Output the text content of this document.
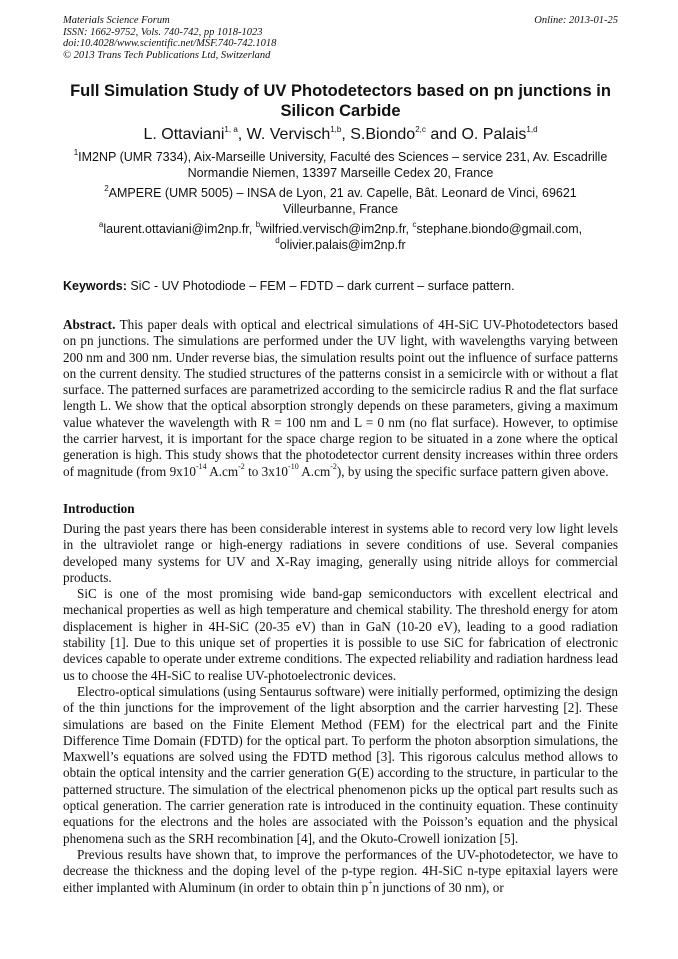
Materials Science Forum
ISSN: 1662-9752, Vols. 740-742, pp 1018-1023
doi:10.4028/www.scientific.net/MSF.740-742.1018
© 2013 Trans Tech Publications Ltd, Switzerland
Online: 2013-01-25
Full Simulation Study of UV Photodetectors based on pn junctions in
Silicon Carbide
L. Ottaviani$^{1, a}$, W. Vervisch$^{1,b}$, S.Biondo$^{2,c}$ and O. Palais$^{1,d}$
$^1$IM2NP (UMR 7334), Aix-Marseille University, Faculté des Sciences – service 231, Av. Escadrille
Normandie Niemen, 13397 Marseille Cedex 20, France
$^2$AMPERE (UMR 5005) – INSA de Lyon, 21 av. Capelle, Bât. Leonard de Vinci, 69621
Villeurbanne, France
$^a$laurent.ottaviani@im2np.fr, $^b$wilfried.vervisch@im2np.fr, $^c$stephane.biondo@gmail.com,
$^d$olivier.palais@im2np.fr
Keywords: SiC - UV Photodiode – FEM – FDTD – dark current – surface pattern.

Abstract. This paper deals with optical and electrical simulations of 4H-SiC UV-Photodetectors based on pn junctions. The simulations are performed under the UV light, with wavelengths varying between 200 nm and 300 nm. Under reverse bias, the simulation results point out the influence of surface patterns on the current density. The studied structures of the patterns consist in a semicircle with or without a flat surface. The patterned surfaces are parametrized according to the semicircle radius R and the flat surface length L. We show that the optical absorption strongly depends on these parameters, giving a maximum value whatever the wavelength with R = 100 nm and L = 0 nm (no flat surface). However, to optimise the carrier harvest, it is important for the space charge region to be situated in a zone where the optical generation is high. This study shows that the photodetector current density increases within three orders of magnitude (from $9x10^{-14}$ $A.cm^{-2}$ to $3x10^{-10}$ $A.cm^{-2}$), by using the specific surface pattern given above.

Introduction

During the past years there has been considerable interest in systems able to record very low light levels in the ultraviolet range or high-energy radiations in severe conditions of use. Several companies developed many systems for UV and X-Ray imaging, generally using nitride alloys for commercial products.

SiC is one of the most promising wide band-gap semiconductors with excellent electrical and mechanical properties as well as high temperature and chemical stability. The threshold energy for atom displacement is higher in 4H-SiC (20-35 eV) than in GaN (10-20 eV), leading to a good radiation stability [1]. Due to this unique set of properties it is possible to use SiC for fabrication of electronic devices capable to operate under extreme conditions. The expected reliability and radiation hardness lead us to choose the 4H-SiC to realise UV-photoelectronic devices.

Electro-optical simulations (using Sentaurus software) were initially performed, optimizing the design of the thin junctions for the improvement of the light absorption and the carrier harvesting [2]. These simulations are based on the Finite Element Method (FEM) for the electrical part and the Finite Difference Time Domain (FDTD) for the optical part. To perform the photon absorption simulations, the Maxwell’s equations are solved using the FDTD method [3]. This rigorous calculus method allows to obtain the optical intensity and the carrier generation G(E) according to the structure, in particular to the patterned structure. The simulation of the electrical phenomenon picks up the optical part results such as optical generation. The carrier generation rate is introduced in the continuity equation. These continuity equations for the electrons and the holes are associated with the Poisson’s equation and the physical phenomena such as the SRH recombination [4], and the Okuto-Crowell ionization [5].

Previous results have shown that, to improve the performances of the UV-photodetector, we have to decrease the thickness and the doping level of the p-type region. 4H-SiC n-type epitaxial layers were either implanted with Aluminum (in order to obtain thin p+n junctions of 30 nm), or
